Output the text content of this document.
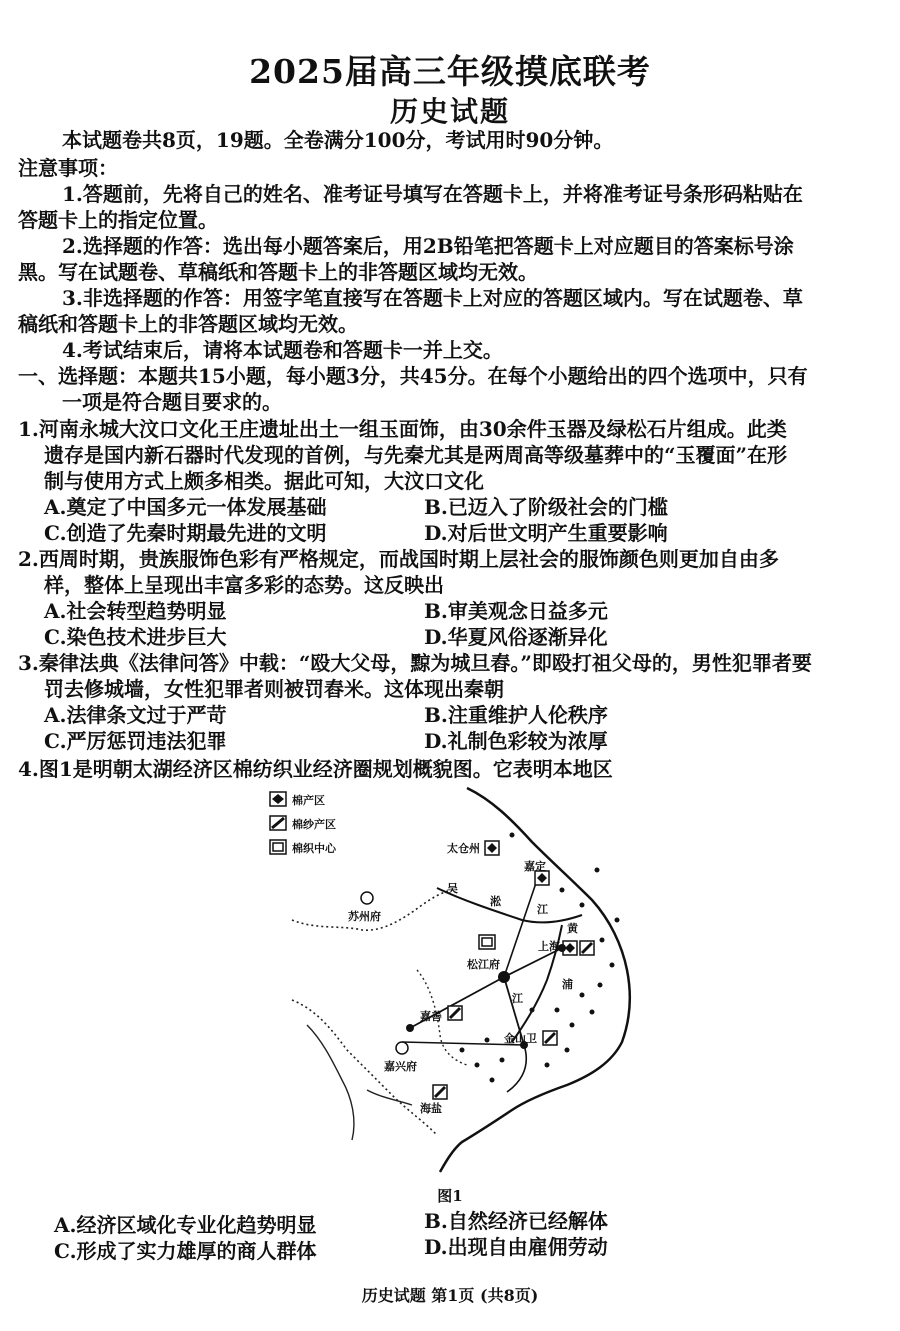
2025届高三年级摸底联考
历史试题
本试题卷共8页，19题。全卷满分100分，考试用时90分钟。
注意事项：
1.答题前，先将自己的姓名、准考证号填写在答题卡上，并将准考证号条形码粘贴在
答题卡上的指定位置。
2.选择题的作答：选出每小题答案后，用2B铅笔把答题卡上对应题目的答案标号涂
黑。写在试题卷、草稿纸和答题卡上的非答题区域均无效。
3.非选择题的作答：用签字笔直接写在答题卡上对应的答题区域内。写在试题卷、草
稿纸和答题卡上的非答题区域均无效。
4.考试结束后，请将本试题卷和答题卡一并上交。
一、选择题：本题共15小题，每小题3分，共45分。在每个小题给出的四个选项中，只有
一项是符合题目要求的。
1.河南永城大汶口文化王庄遗址出土一组玉面饰，由30余件玉器及绿松石片组成。此类
遗存是国内新石器时代发现的首例，与先秦尤其是两周高等级墓葬中的“玉覆面”在形
制与使用方式上颇多相类。据此可知，大汶口文化
A.奠定了中国多元一体发展基础	B.已迈入了阶级社会的门槛
C.创造了先秦时期最先进的文明	D.对后世文明产生重要影响
2.西周时期，贵族服饰色彩有严格规定，而战国时期上层社会的服饰颜色则更加自由多
样，整体上呈现出丰富多彩的态势。这反映出
A.社会转型趋势明显	B.审美观念日益多元
C.染色技术进步巨大	D.华夏风俗逐渐异化
3.秦律法典《法律问答》中载：“殴大父母，黥为城旦舂。”即殴打祖父母的，男性犯罪者要
罚去修城墙，女性犯罪者则被罚舂米。这体现出秦朝
A.法律条文过于严苛	B.注重维护人伦秩序
C.严厉惩罚违法犯罪	D.礼制色彩较为浓厚
4.图1是明朝太湖经济区棉纺织业经济圈规划概貌图。它表明本地区
棉产区
棉纱产区
棉织中心	太仓州
嘉定
苏州府
上海
松江府
嘉善
金山卫
嘉兴府
海盐
吴
淞
江
黄
浦
江
图1
A.经济区域化专业化趋势明显	B.自然经济已经解体
C.形成了实力雄厚的商人群体	D.出现自由雇佣劳动
历史试题 第1页 (共8页)
